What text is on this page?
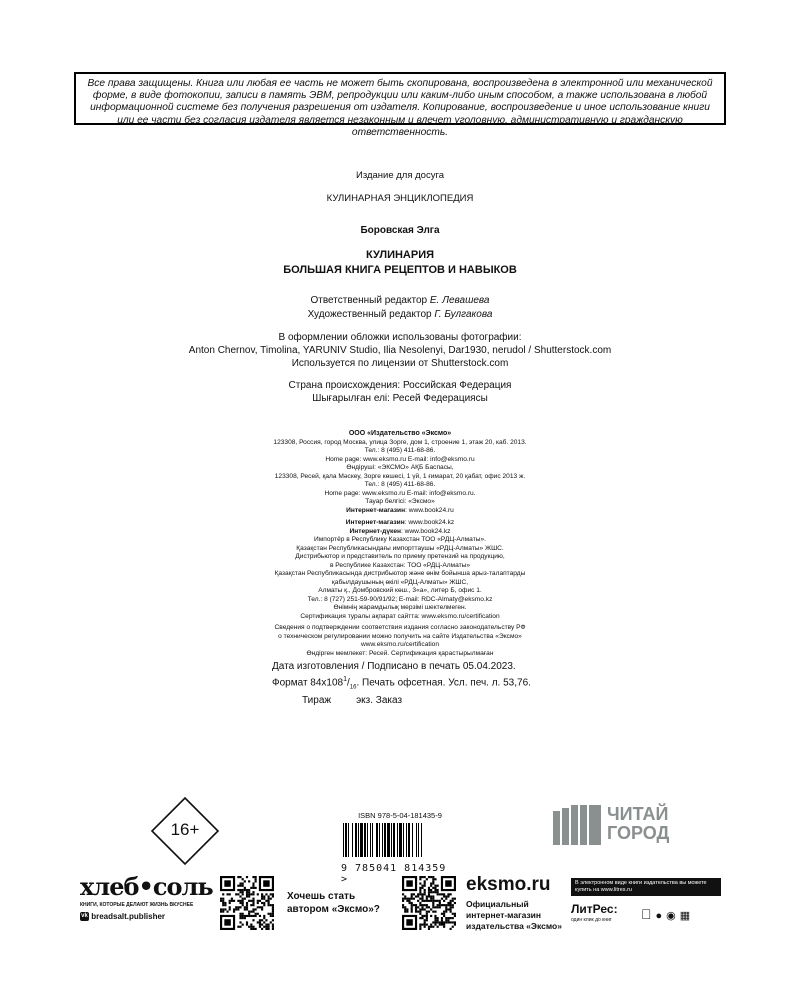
Все права защищены. Книга или любая ее часть не может быть скопирована, воспроизведена в электронной или механической форме, в виде фотокопии, записи в память ЭВМ, репродукции или каким-либо иным способом, а также использована в любой информационной системе без получения разрешения от издателя. Копирование, воспроизведение и иное использование книги или ее части без согласия издателя является незаконным и влечет уголовную, административную и гражданскую ответственность.
Издание для досуга
КУЛИНАРНАЯ ЭНЦИКЛОПЕДИЯ
Боровская Элга
КУЛИНАРИЯ
БОЛЬШАЯ КНИГА РЕЦЕПТОВ И НАВЫКОВ
Ответственный редактор Е. Левашева
Художественный редактор Г. Булгакова
В оформлении обложки использованы фотографии:
Anton Chernov, Timolina, YARUNIV Studio, Ilia Nesolenyi, Dar1930, nerudol / Shutterstock.com
Используется по лицензии от Shutterstock.com
Страна происхождения: Российская Федерация
Шығарылған елі: Ресей Федерациясы

ООО «Издательство «Эксмо»

123308, Россия, город Москва, улица Зорге, дом 1, строение 1, этаж 20, каб. 2013.

Тел.: 8 (495) 411-68-86.

Home page: www.eksmo.ru E-mail: info@eksmo.ru

Өндіруші: «ЭКСМО» АҚБ Баспасы,

123308, Ресей, қала Мәскеу, Зорге көшесі, 1 үй, 1 ғимарат, 20 қабат, офис 2013 ж.

Тел.: 8 (495) 411-68-86.

Home page: www.eksmo.ru E-mail: info@eksmo.ru.

Тауар белгісі: «Эксмо»

Интернет-магазин: www.book24.ru

Интернет-магазин: www.book24.kz

Интернет-дүкен: www.book24.kz

Импортёр в Республику Казахстан ТОО «РДЦ-Алматы».

Қазақстан Республикасындағы импорттаушы «РДЦ-Алматы» ЖШС.

Дистрибьютор и представитель по приему претензий на продукцию,

в Республике Казахстан: ТОО «РДЦ-Алматы»

Қазақстан Республикасында дистрибьютор және өнім бойынша арыз-талаптарды

қабылдаушының өкілі «РДЦ-Алматы» ЖШС,

Алматы қ., Домбровский көш., 3«а», литер Б, офис 1.

Тел.: 8 (727) 251-59-90/91/92; E-mail: RDC-Almaty@eksmo.kz

Өнімнің жарамдылық мерзімі шектелмеген.

Сертификация туралы ақпарат сайтта: www.eksmo.ru/certification

Сведения о подтверждении соответствия издания согласно законодательству РФ

о техническом регулировании можно получить на сайте Издательства «Эксмо»

www.eksmo.ru/certification

Өндірген мемлекет: Ресей. Сертификация қарастырылмаған

Дата изготовления / Подписано в печать 05.04.2023.

Формат $84x108^1/_{16}$. Печать офсетная. Усл. печ. л. 53,76.

Тираж         экз. Заказ

16+

ISBN 978-5-04-181435-9

9 785041 814359 >
ЧИТАЙ
ГОРОД
хлеб•соль
КНИГИ, КОТОРЫЕ ДЕЛАЮТ ЖИЗНЬ ВКУСНЕЕ
vk breadsalt.publisher
Хочешь стать
автором «Эксмо»?
eksmo.ru
Официальный
интернет-магазин
издательства «Эксмо»
В электронном виде книги издательства вы можете купить на www.litres.ru
ЛитРес:
один клик до книг	●◉▦
